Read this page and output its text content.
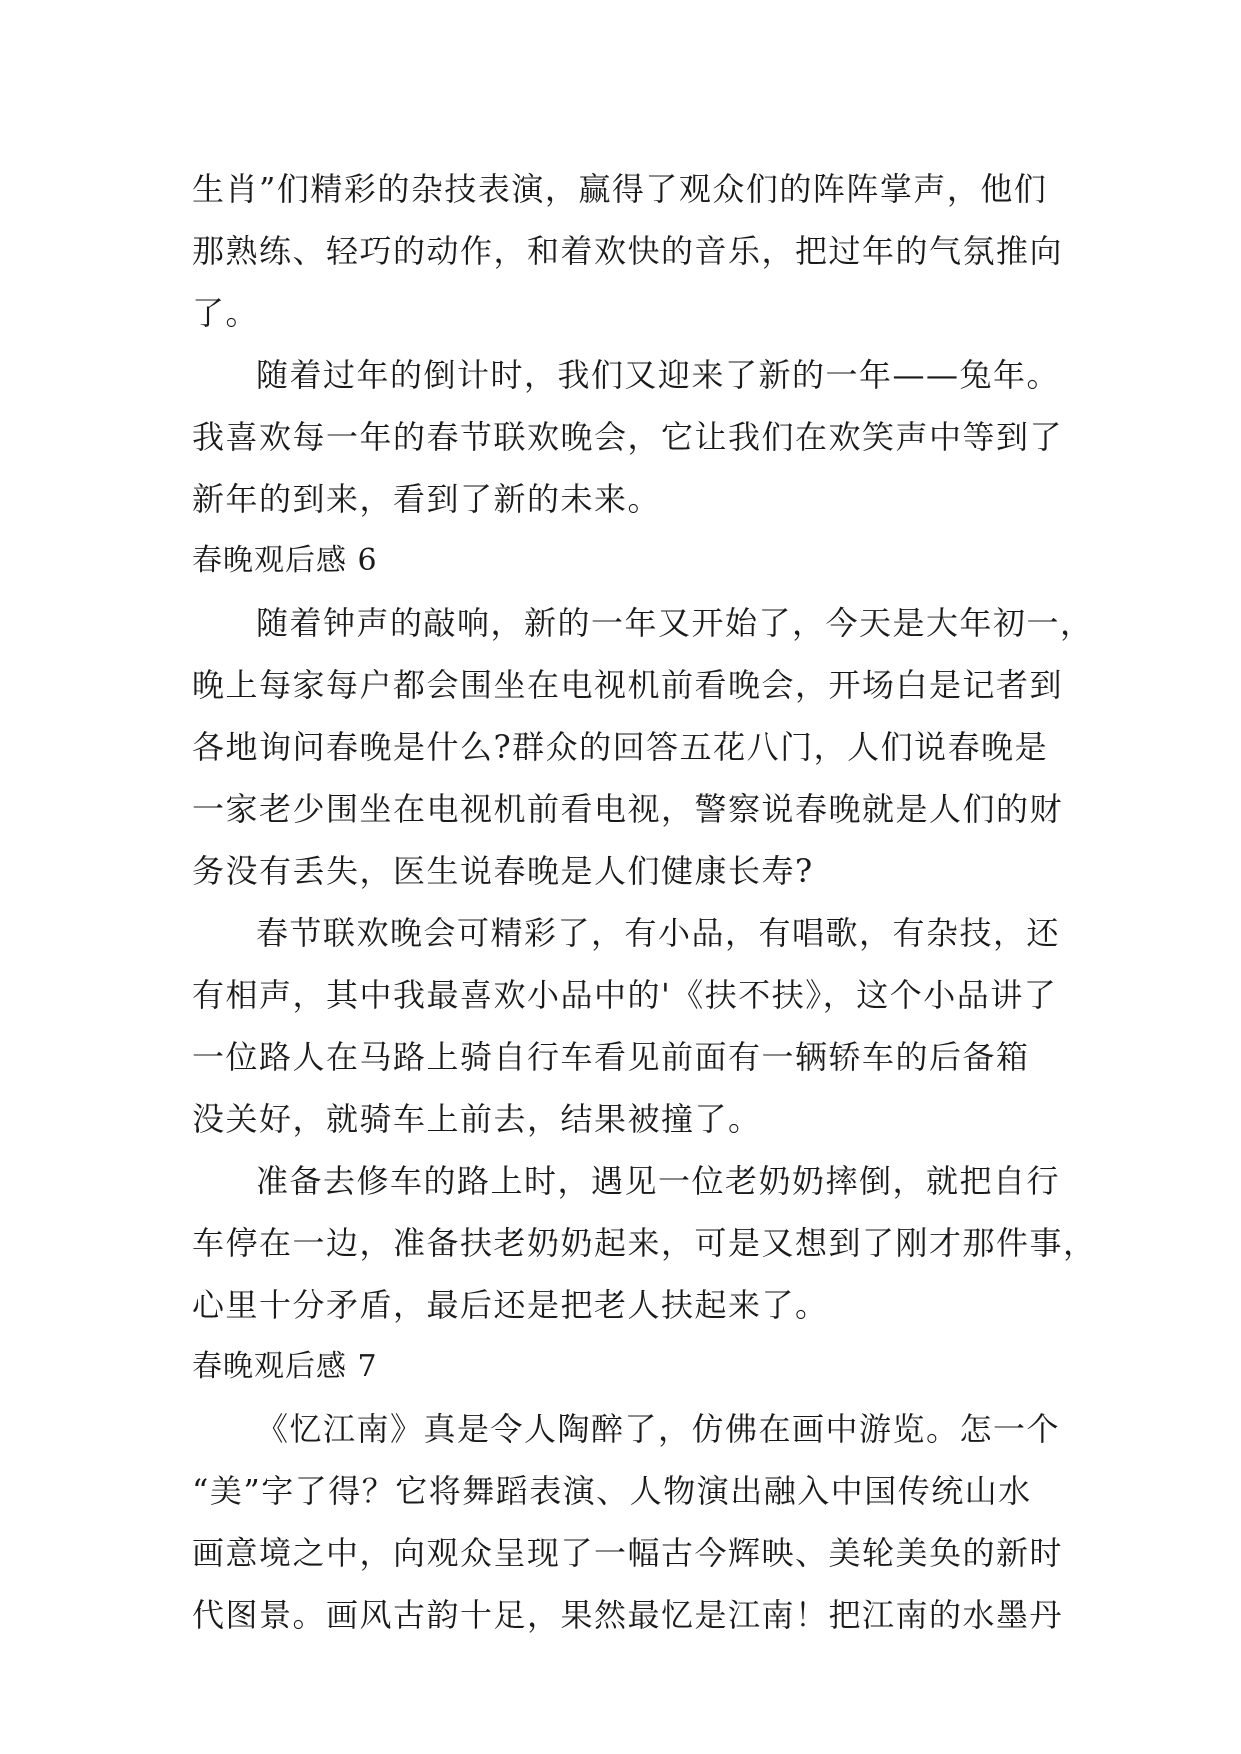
生肖”们精彩的杂技表演，赢得了观众们的阵阵掌声，他们
那熟练、轻巧的动作，和着欢快的音乐，把过年的气氛推向
了。
随着过年的倒计时，我们又迎来了新的一年——兔年。
我喜欢每一年的春节联欢晚会，它让我们在欢笑声中等到了
新年的到来，看到了新的未来。
春晚观后感 6
随着钟声的敲响，新的一年又开始了，今天是大年初一，
晚上每家每户都会围坐在电视机前看晚会，开场白是记者到
各地询问春晚是什么?群众的回答五花八门，人们说春晚是
一家老少围坐在电视机前看电视，警察说春晚就是人们的财
务没有丢失，医生说春晚是人们健康长寿?
春节联欢晚会可精彩了，有小品，有唱歌，有杂技，还
有相声，其中我最喜欢小品中的'《扶不扶》，这个小品讲了
一位路人在马路上骑自行车看见前面有一辆轿车的后备箱
没关好，就骑车上前去，结果被撞了。
准备去修车的路上时，遇见一位老奶奶摔倒，就把自行
车停在一边，准备扶老奶奶起来，可是又想到了刚才那件事，
心里十分矛盾，最后还是把老人扶起来了。
春晚观后感 7
《忆江南》真是令人陶醉了，仿佛在画中游览。怎一个
“美”字了得？它将舞蹈表演、人物演出融入中国传统山水
画意境之中，向观众呈现了一幅古今辉映、美轮美奂的新时
代图景。画风古韵十足，果然最忆是江南！把江南的水墨丹
